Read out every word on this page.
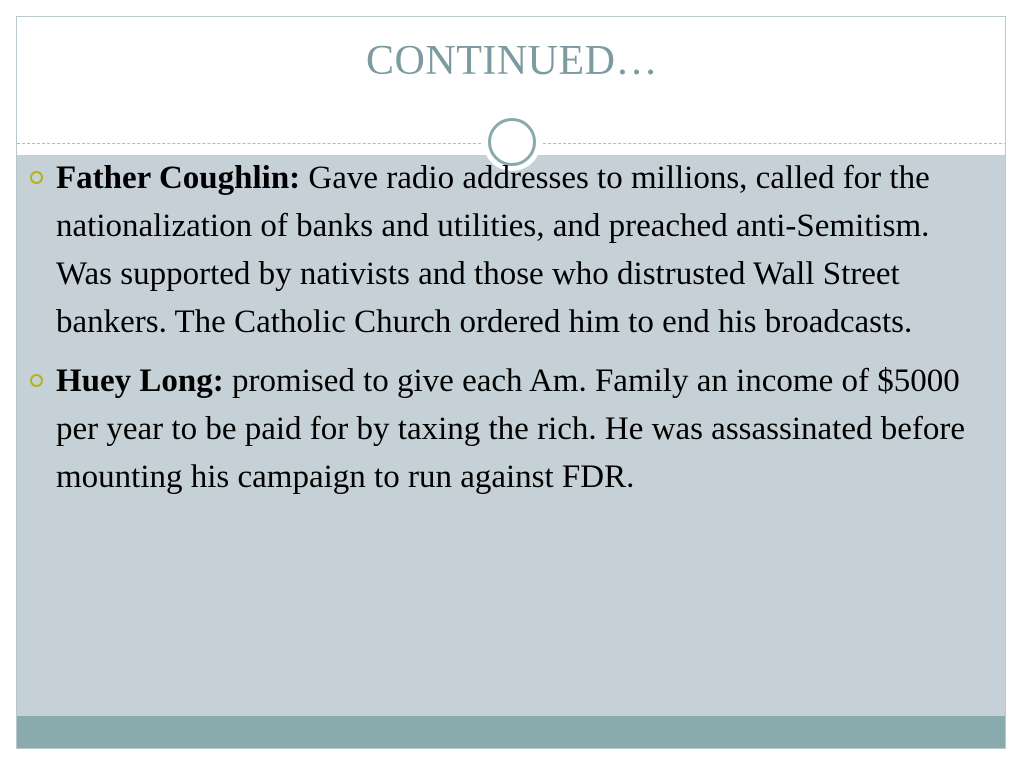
CONTINUED…
Father Coughlin: Gave radio addresses to millions, called for the nationalization of banks and utilities, and preached anti-Semitism. Was supported by nativists and those who distrusted Wall Street bankers. The Catholic Church ordered him to end his broadcasts.
Huey Long: promised to give each Am. Family an income of $5000 per year to be paid for by taxing the rich. He was assassinated before mounting his campaign to run against FDR.
